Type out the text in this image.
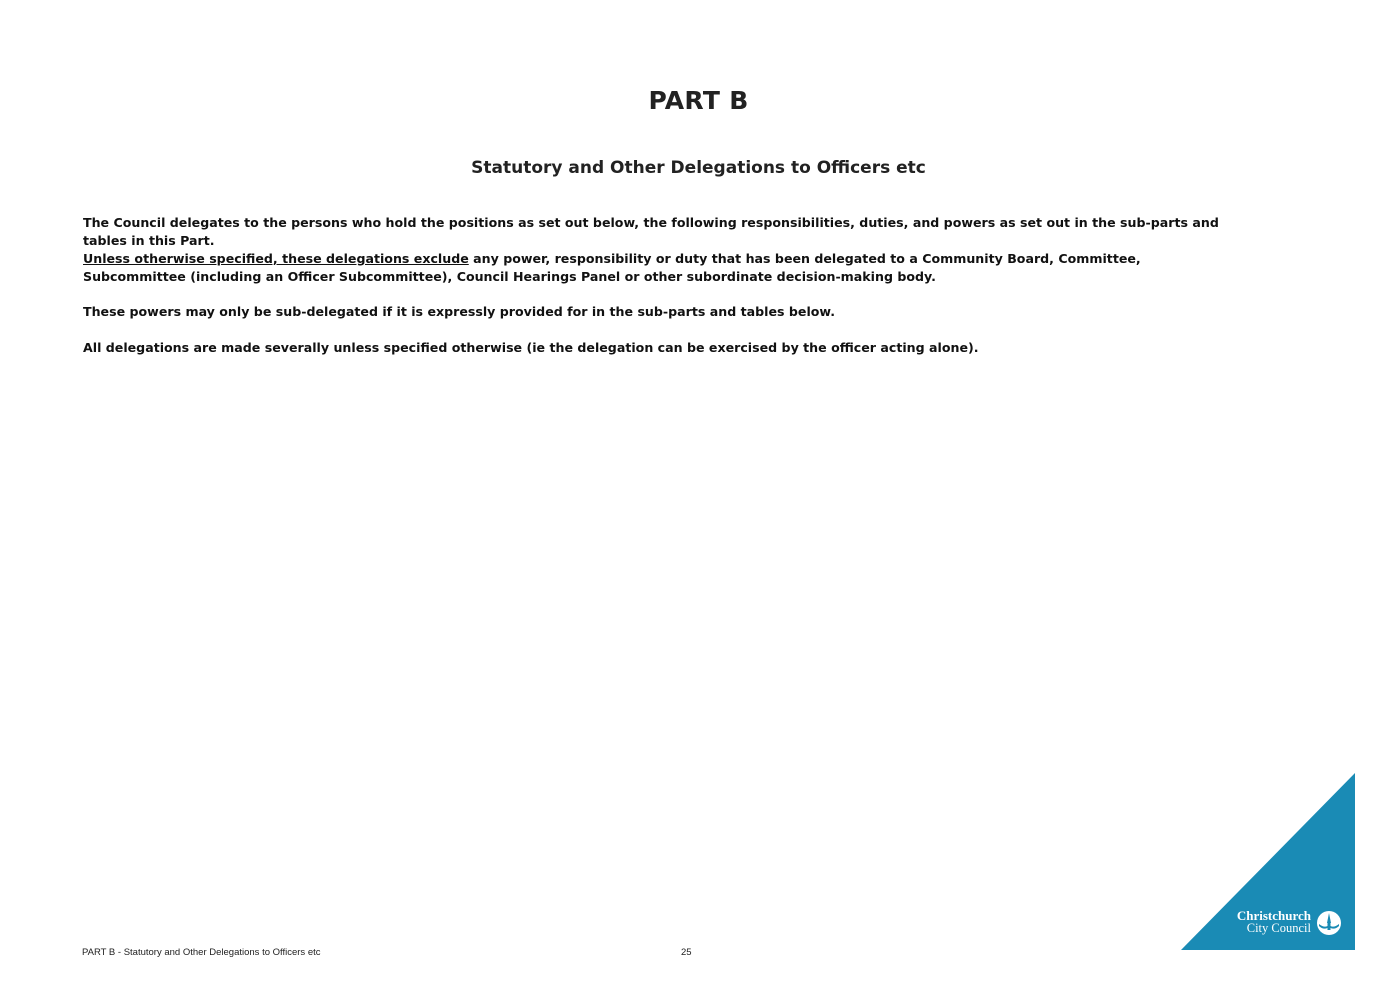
PART B
Statutory and Other Delegations to Officers etc

The Council delegates to the persons who hold the positions as set out below, the following responsibilities, duties, and powers as set out in the sub-parts and tables in this Part.

Unless otherwise specified, these delegations exclude any power, responsibility or duty that has been delegated to a Community Board, Committee, Subcommittee (including an Officer Subcommittee), Council Hearings Panel or other subordinate decision-making body.

These powers may only be sub-delegated if it is expressly provided for in the sub-parts and tables below.

All delegations are made severally unless specified otherwise (ie the delegation can be exercised by the officer acting alone).

PART B - Statutory and Other Delegations to Officers etc	25
Christchurch
City Council
